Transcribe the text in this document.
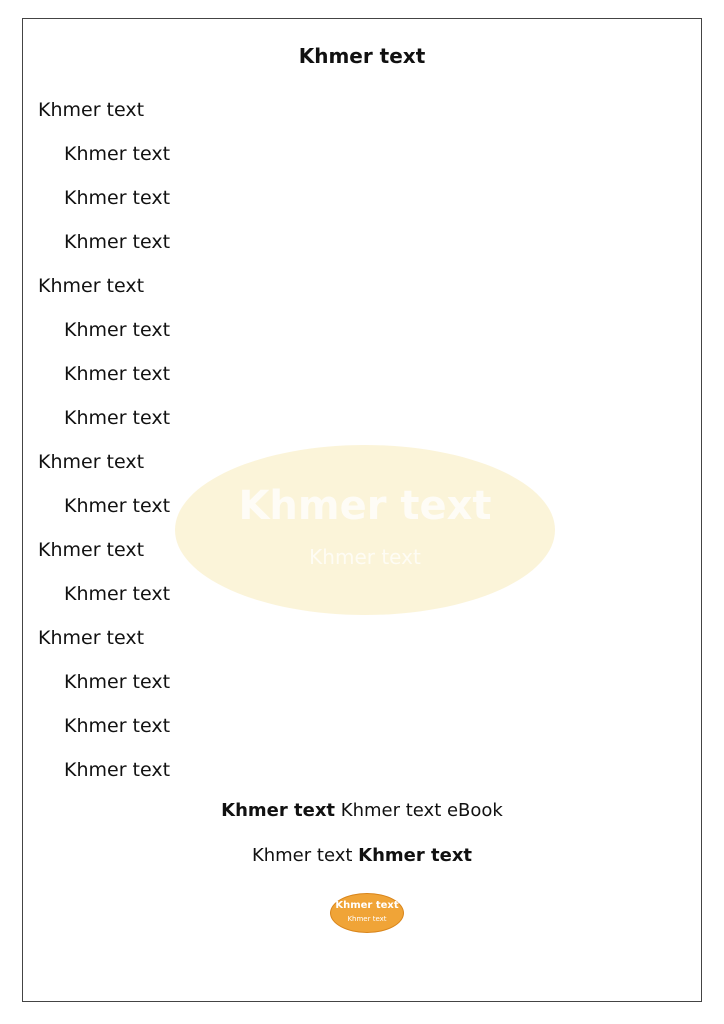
Khmer text
Khmer text
Khmer text
Khmer text
Khmer text
Khmer text
Khmer text
Khmer text
Khmer text
Khmer text
Khmer text
Khmer text
Khmer text
Khmer text
Khmer text
Khmer text
Khmer text
Khmer text
Khmer text
Khmer text Khmer text eBook
Khmer text Khmer text
Khmer text
Khmer text
